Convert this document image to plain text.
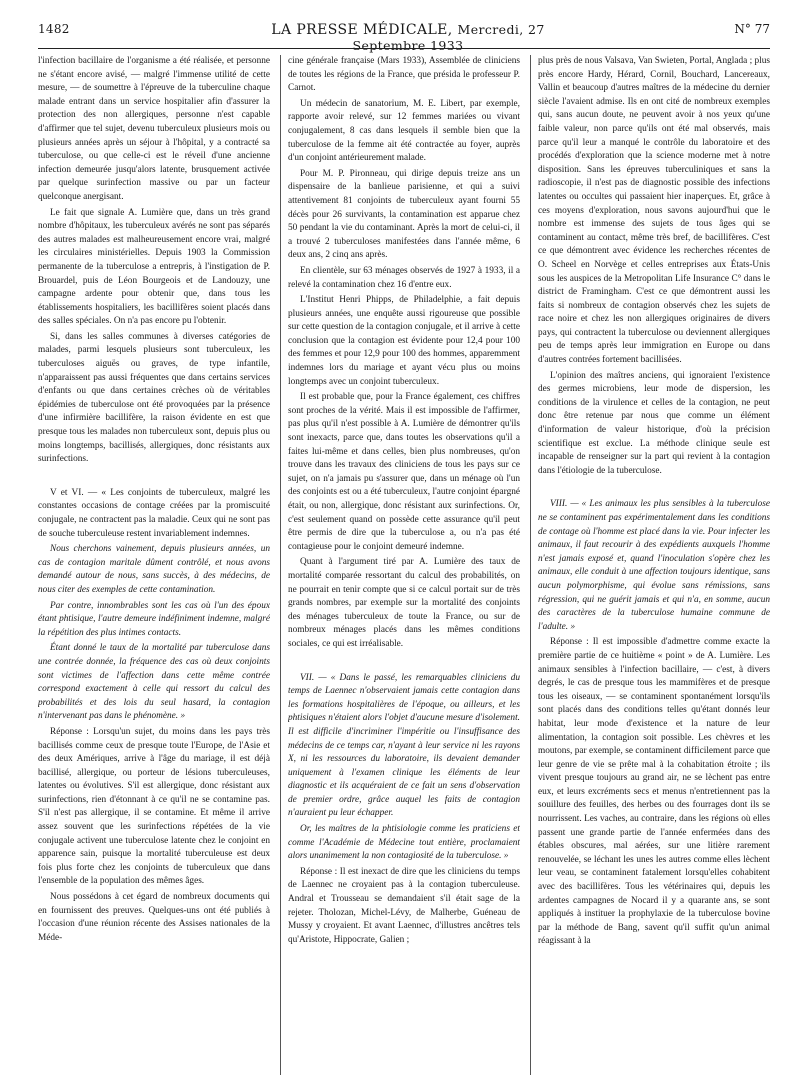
1482	LA PRESSE MÉDICALE, Mercredi, 27 Septembre 1933
N° 77

l'infection bacillaire de l'organisme a été réalisée, et personne ne s'étant encore avisé, — malgré l'immense utilité de cette mesure, — de soumettre à l'épreuve de la tuberculine chaque malade entrant dans un service hospitalier afin d'assurer la protection des non allergiques, personne n'est capable d'affirmer que tel sujet, devenu tuberculeux plusieurs mois ou plusieurs années après un séjour à l'hôpital, y a contracté sa tuberculose, ou que celle-ci est le réveil d'une ancienne infection demeurée jusqu'alors latente, brusquement activée par quelque surinfection massive ou par un facteur quelconque anergisant.

Le fait que signale A. Lumière que, dans un très grand nombre d'hôpitaux, les tuberculeux avérés ne sont pas séparés des autres malades est malheureusement encore vrai, malgré les circulaires ministérielles. Depuis 1903 la Commission permanente de la tuberculose a entrepris, à l'instigation de P. Brouardel, puis de Léon Bourgeois et de Landouzy, une campagne ardente pour obtenir que, dans tous les établissements hospitaliers, les bacillifères soient placés dans des salles spéciales. On n'a pas encore pu l'obtenir.

Si, dans les salles communes à diverses catégories de malades, parmi lesquels plusieurs sont tuberculeux, les tuberculoses aiguës ou graves, de type infantile, n'apparaissent pas aussi fréquentes que dans certains services d'enfants ou que dans certaines crèches où de véritables épidémies de tuberculose ont été provoquées par la présence d'une infirmière bacillifère, la raison évidente en est que presque tous les malades non tuberculeux sont, depuis plus ou moins longtemps, bacillisés, allergiques, donc résistants aux surinfections.

V et VI. — « Les conjoints de tuberculeux, malgré les constantes occasions de contage créées par la promiscuité conjugale, ne contractent pas la maladie. Ceux qui ne sont pas de souche tuberculeuse restent invariablement indemnes.

Nous cherchons vainement, depuis plusieurs années, un cas de contagion maritale dûment contrôlé, et nous avons demandé autour de nous, sans succès, à des médecins, de nous citer des exemples de cette contamination.

Par contre, innombrables sont les cas où l'un des époux étant phtisique, l'autre demeure indéfiniment indemne, malgré la répétition des plus intimes contacts.

Étant donné le taux de la mortalité par tuberculose dans une contrée donnée, la fréquence des cas où deux conjoints sont victimes de l'affection dans cette même contrée correspond exactement à celle qui ressort du calcul des probabilités et des lois du seul hasard, la contagion n'intervenant pas dans le phénomène. »

Réponse : Lorsqu'un sujet, du moins dans les pays très bacillisés comme ceux de presque toute l'Europe, de l'Asie et des deux Amériques, arrive à l'âge du mariage, il est déjà bacillisé, allergique, ou porteur de lésions tuberculeuses, latentes ou évolutives. S'il est allergique, donc résistant aux surinfections, rien d'étonnant à ce qu'il ne se contamine pas. S'il n'est pas allergique, il se contamine. Et même il arrive assez souvent que les surinfections répétées de la vie conjugale activent une tuberculose latente chez le conjoint en apparence sain, puisque la mortalité tuberculeuse est deux fois plus forte chez les conjoints de tuberculeux que dans l'ensemble de la population des mêmes âges.

Nous possédons à cet égard de nombreux documents qui en fournissent des preuves. Quelques-uns ont été publiés à l'occasion d'une réunion récente des Assises nationales de la Méde-

cine générale française (Mars 1933), Assemblée de cliniciens de toutes les régions de la France, que présida le professeur P. Carnot.

Un médecin de sanatorium, M. E. Libert, par exemple, rapporte avoir relevé, sur 12 femmes mariées ou vivant conjugalement, 8 cas dans lesquels il semble bien que la tuberculose de la femme ait été contractée au foyer, auprès d'un conjoint antérieurement malade.

Pour M. P. Pironneau, qui dirige depuis treize ans un dispensaire de la banlieue parisienne, et qui a suivi attentivement 81 conjoints de tuberculeux ayant fourni 55 décès pour 26 survivants, la contamination est apparue chez 50 pendant la vie du contaminant. Après la mort de celui-ci, il a trouvé 2 tuberculoses manifestées dans l'année même, 6 deux ans, 2 cinq ans après.

En clientèle, sur 63 ménages observés de 1927 à 1933, il a relevé la contamination chez 16 d'entre eux.

L'Institut Henri Phipps, de Philadelphie, a fait depuis plusieurs années, une enquête aussi rigoureuse que possible sur cette question de la contagion conjugale, et il arrive à cette conclusion que la contagion est évidente pour 12,4 pour 100 des femmes et pour 12,9 pour 100 des hommes, apparemment indemnes lors du mariage et ayant vécu plus ou moins longtemps avec un conjoint tuberculeux.

Il est probable que, pour la France également, ces chiffres sont proches de la vérité. Mais il est impossible de l'affirmer, pas plus qu'il n'est possible à A. Lumière de démontrer qu'ils sont inexacts, parce que, dans toutes les observations qu'il a faites lui-même et dans celles, bien plus nombreuses, qu'on trouve dans les travaux des cliniciens de tous les pays sur ce sujet, on n'a jamais pu s'assurer que, dans un ménage où l'un des conjoints est ou a été tuberculeux, l'autre conjoint épargné était, ou non, allergique, donc résistant aux surinfections. Or, c'est seulement quand on possède cette assurance qu'il peut être permis de dire que la tuberculose a, ou n'a pas été contagieuse pour le conjoint demeuré indemne.

Quant à l'argument tiré par A. Lumière des taux de mortalité comparée ressortant du calcul des probabilités, on ne pourrait en tenir compte que si ce calcul portait sur de très grands nombres, par exemple sur la mortalité des conjoints des ménages tuberculeux de toute la France, ou sur de nombreux ménages placés dans les mêmes conditions sociales, ce qui est irréalisable.

VII. — « Dans le passé, les remarquables cliniciens du temps de Laennec n'observaient jamais cette contagion dans les formations hospitalières de l'époque, ou ailleurs, et les phtisiques n'étaient alors l'objet d'aucune mesure d'isolement. Il est difficile d'incriminer l'impéritie ou l'insuffisance des médecins de ce temps car, n'ayant à leur service ni les rayons X, ni les ressources du laboratoire, ils devaient demander uniquement à l'examen clinique les éléments de leur diagnostic et ils acquéraient de ce fait un sens d'observation de premier ordre, grâce auquel les faits de contagion n'auraient pu leur échapper.

Or, les maîtres de la phtisiologie comme les praticiens et comme l'Académie de Médecine tout entière, proclamaient alors unanimement la non contagiosité de la tuberculose. »

Réponse : Il est inexact de dire que les cliniciens du temps de Laennec ne croyaient pas à la contagion tuberculeuse. Andral et Trousseau se demandaient s'il était sage de la rejeter. Tholozan, Michel-Lévy, de Malherbe, Guéneau de Mussy y croyaient. Et avant Laennec, d'illustres ancêtres tels qu'Aristote, Hippocrate, Galien ;

plus près de nous Valsava, Van Swieten, Portal, Anglada ; plus près encore Hardy, Hérard, Cornil, Bouchard, Lancereaux, Vallin et beaucoup d'autres maîtres de la médecine du dernier siècle l'avaient admise. Ils en ont cité de nombreux exemples qui, sans aucun doute, ne peuvent avoir à nos yeux qu'une faible valeur, non parce qu'ils ont été mal observés, mais parce qu'il leur a manqué le contrôle du laboratoire et des procédés d'exploration que la science moderne met à notre disposition. Sans les épreuves tuberculiniques et sans la radioscopie, il n'est pas de diagnostic possible des infections latentes ou occultes qui passaient hier inaperçues. Et, grâce à ces moyens d'exploration, nous savons aujourd'hui que le nombre est immense des sujets de tous âges qui se contaminent au contact, même très bref, de bacillifères. C'est ce que démontrent avec évidence les recherches récentes de O. Scheel en Norvège et celles entreprises aux États-Unis sous les auspices de la Metropolitan Life Insurance C° dans le district de Framingham. C'est ce que démontrent aussi les faits si nombreux de contagion observés chez les sujets de race noire et chez les non allergiques originaires de divers pays, qui contractent la tuberculose ou deviennent allergiques peu de temps après leur immigration en Europe ou dans d'autres contrées fortement bacillisées.

L'opinion des maîtres anciens, qui ignoraient l'existence des germes microbiens, leur mode de dispersion, les conditions de la virulence et celles de la contagion, ne peut donc être retenue par nous que comme un élément d'information de valeur historique, d'où la précision scientifique est exclue. La méthode clinique seule est incapable de renseigner sur la part qui revient à la contagion dans l'étiologie de la tuberculose.

VIII. — « Les animaux les plus sensibles à la tuberculose ne se contaminent pas expérimentalement dans les conditions de contage où l'homme est placé dans la vie. Pour infecter les animaux, il faut recourir à des expédients auxquels l'homme n'est jamais exposé et, quand l'inoculation s'opère chez les animaux, elle conduit à une affection toujours identique, sans aucun polymorphisme, qui évolue sans rémissions, sans régression, qui ne guérit jamais et qui n'a, en somme, aucun des caractères de la tuberculose humaine commune de l'adulte. »

Réponse : Il est impossible d'admettre comme exacte la première partie de ce huitième « point » de A. Lumière. Les animaux sensibles à l'infection bacillaire, — c'est, à divers degrés, le cas de presque tous les mammifères et de presque tous les oiseaux, — se contaminent spontanément lorsqu'ils sont placés dans des conditions telles qu'étant donnés leur habitat, leur mode d'existence et la nature de leur alimentation, la contagion soit possible. Les chèvres et les moutons, par exemple, se contaminent difficilement parce que leur genre de vie se prête mal à la cohabitation étroite ; ils vivent presque toujours au grand air, ne se lèchent pas entre eux, et leurs excréments secs et menus n'entretiennent pas la souillure des feuilles, des herbes ou des fourrages dont ils se nourrissent. Les vaches, au contraire, dans les régions où elles passent une grande partie de l'année enfermées dans des étables obscures, mal aérées, sur une litière rarement renouvelée, se léchant les unes les autres comme elles lèchent leur veau, se contaminent fatalement lorsqu'elles cohabitent avec des bacillifères. Tous les vétérinaires qui, depuis les ardentes campagnes de Nocard il y a quarante ans, se sont appliqués à instituer la prophylaxie de la tuberculose bovine par la méthode de Bang, savent qu'il suffit qu'un animal réagissant à la
